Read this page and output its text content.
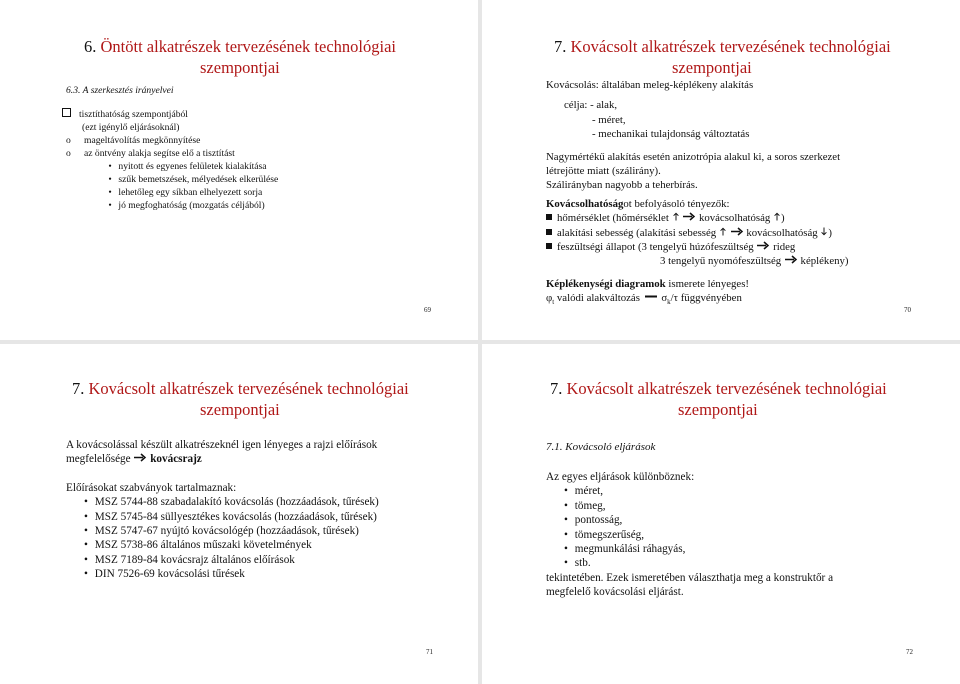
6. Öntött alkatrészek tervezésének technológiai
szempontjai
6.3. A szerkesztés irányelvei
tisztíthatóság szempontjából
(ezt igénylő eljárásoknál)
o mageltávolítás megkönnyítése
o az öntvény alakja segítse elő a tisztítást
• nyitott és egyenes felületek kialakítása
• szűk bemetszések, mélyedések elkerülése
• lehetőleg egy síkban elhelyezett sorja
• jó megfoghatóság (mozgatás céljából)
69
7. Kovácsolt alkatrészek tervezésének technológiai
szempontjai
Kovácsolás: általában meleg-képlékeny alakítás
célja: - alak,
- méret,
- mechanikai tulajdonság változtatás
Nagymértékű alakítás esetén anizotrópia alakul ki, a soros szerkezet
létrejötte miatt (szálirány).
Szálirányban nagyobb a teherbírás.
Kovácsolhatóságot befolyásoló tényezők:
hőmérséklet (hőmérséklet	kovácsolhatóság )
alakítási sebesség (alakítási sebesség	kovácsolhatóság )
feszültségi állapot (3 tengelyű húzófeszültség rideg
3 tengelyű nyomófeszültség képlékeny)
Képlékenységi diagramok ismerete lényeges!
$\varphi_t$ valódi alakváltozás $\sigma_k/\tau$ függvényében
70
7. Kovácsolt alkatrészek tervezésének technológiai
szempontjai
A kovácsolással készült alkatrészeknél igen lényeges a rajzi előírások
megfelelősége kovácsrajz
Előírásokat szabványok tartalmaznak:
• MSZ 5744-88 szabadalakító kovácsolás (hozzáadások, tűrések)
• MSZ 5745-84 süllyesztékes kovácsolás (hozzáadások, tűrések)
• MSZ 5747-67 nyújtó kovácsológép (hozzáadások, tűrések)
• MSZ 5738-86 általános műszaki követelmények
• MSZ 7189-84 kovácsrajz általános előírások
• DIN 7526-69 kovácsolási tűrések
71
7. Kovácsolt alkatrészek tervezésének technológiai
szempontjai
7.1. Kovácsoló eljárások
Az egyes eljárások különböznek:
• méret,
• tömeg,
• pontosság,
• tömegszerűség,
• megmunkálási ráhagyás,
• stb.
tekintetében. Ezek ismeretében választhatja meg a konstruktőr a
megfelelő kovácsolási eljárást.
72
